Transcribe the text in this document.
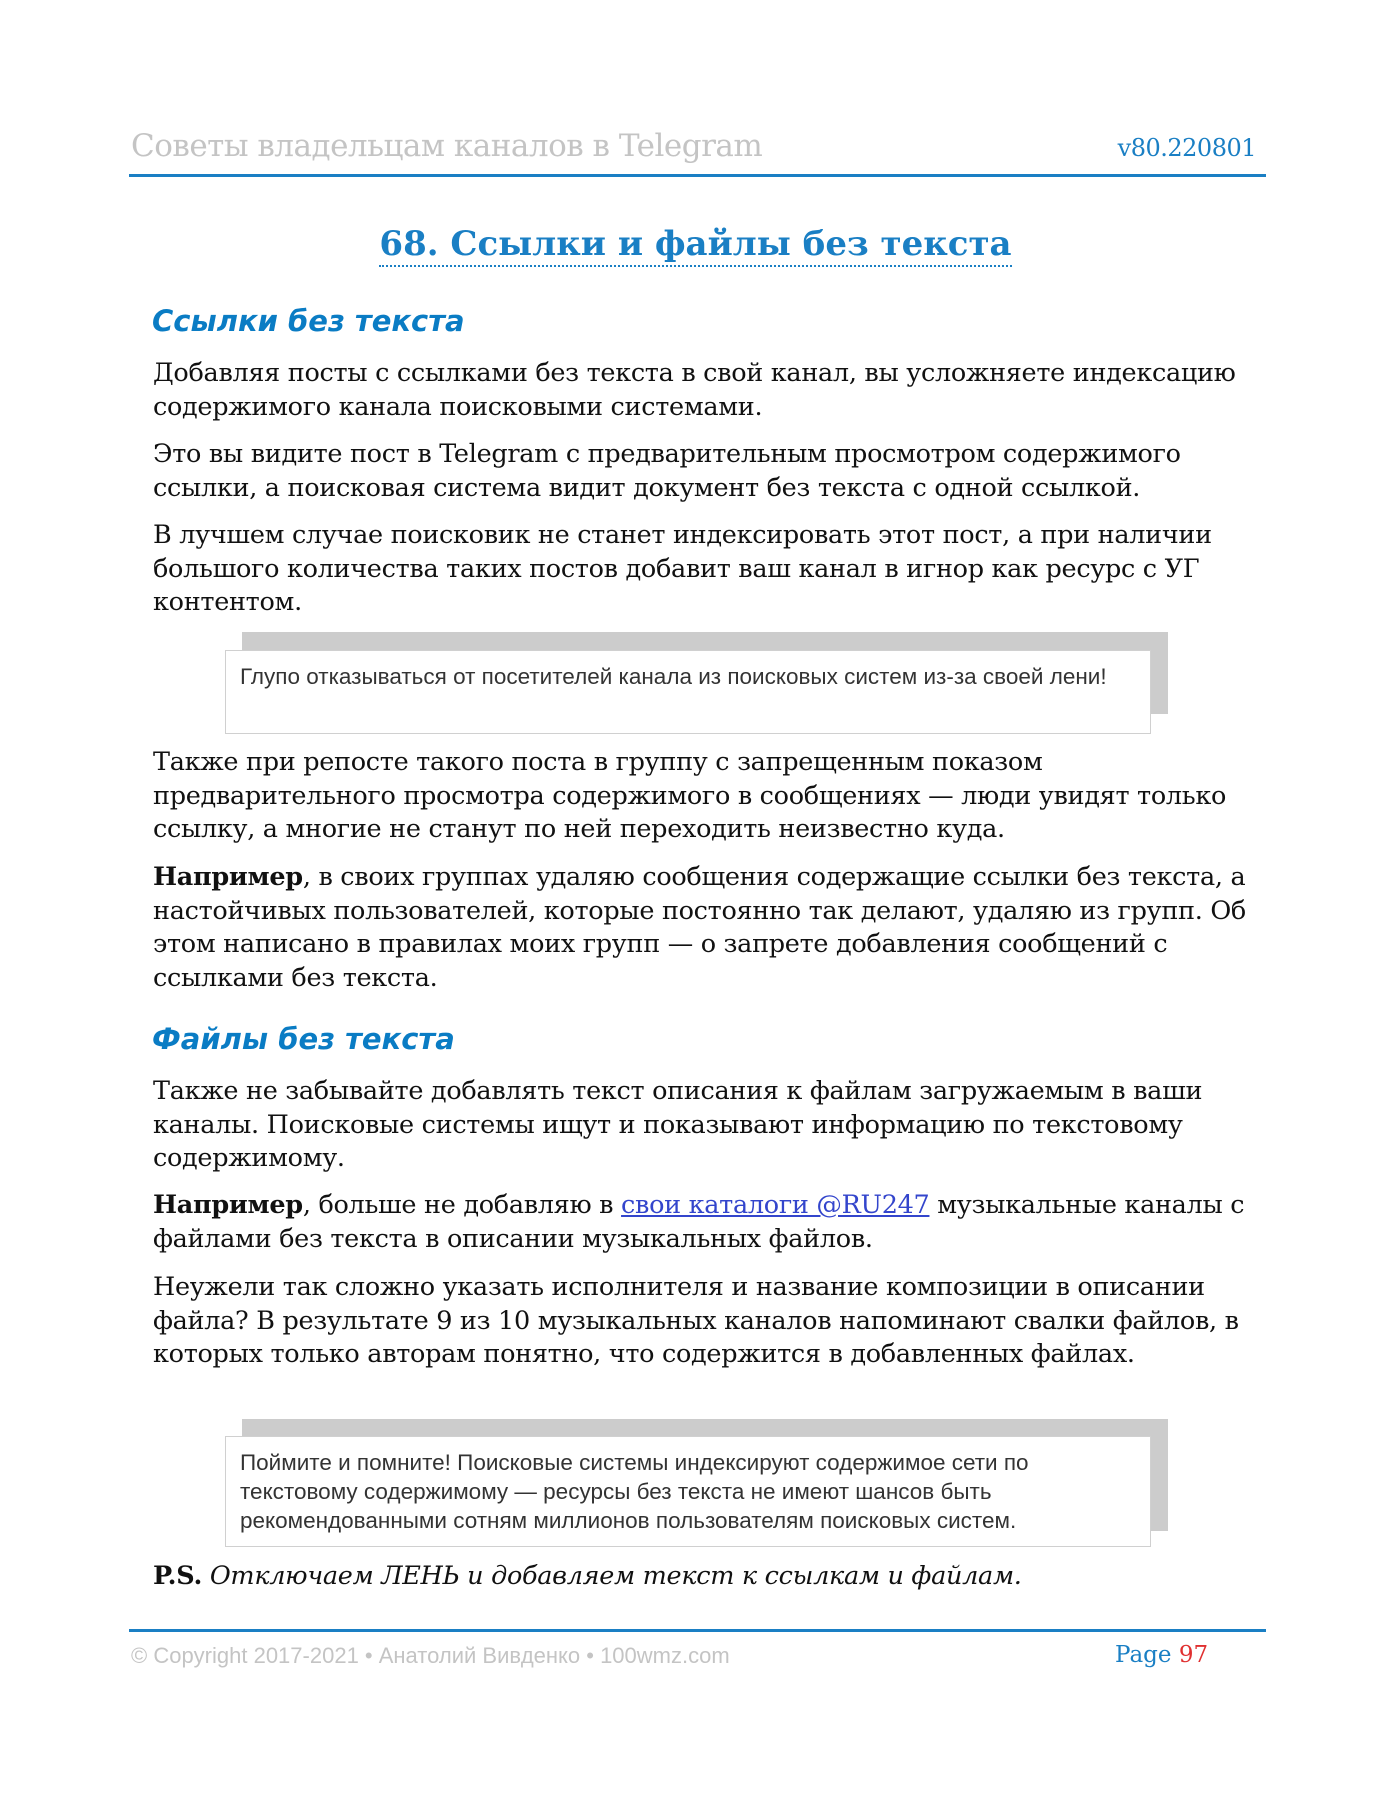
Советы владельцам каналов в Telegram	v80.220801
68. Ссылки и файлы без текста
Ссылки без текста

Добавляя посты с ссылками без текста в свой канал, вы усложняете индексацию содержимого канала поисковыми системами.

Это вы видите пост в Telegram с предварительным просмотром содержимого ссылки, а поисковая система видит документ без текста с одной ссылкой.

В лучшем случае поисковик не станет индексировать этот пост, а при наличии большого количества таких постов добавит ваш канал в игнор как ресурс с УГ контентом.

Глупо отказываться от посетителей канала из поисковых систем из-за своей лени!

Также при репосте такого поста в группу с запрещенным показом предварительного просмотра содержимого в сообщениях — люди увидят только ссылку, а многие не станут по ней переходить неизвестно куда.

Например, в своих группах удаляю сообщения содержащие ссылки без текста, а настойчивых пользователей, которые постоянно так делают, удаляю из групп. Об этом написано в правилах моих групп — о запрете добавления сообщений с ссылками без текста.

Файлы без текста

Также не забывайте добавлять текст описания к файлам загружаемым в ваши каналы. Поисковые системы ищут и показывают информацию по текстовому содержимому.

Например, больше не добавляю в свои каталоги @RU247 музыкальные каналы с файлами без текста в описании музыкальных файлов.

Неужели так сложно указать исполнителя и название композиции в описании файла? В результате 9 из 10 музыкальных каналов напоминают свалки файлов, в которых только авторам понятно, что содержится в добавленных файлах.

Поймите и помните! Поисковые системы индексируют содержимое сети по текстовому содержимому — ресурсы без текста не имеют шансов быть рекомендованными сотням миллионов пользователям поисковых систем.

P.S. Отключаем ЛЕНЬ и добавляем текст к ссылкам и файлам.

© Copyright 2017-2021 • Анатолий Вивденко • 100wmz.com	Page 97
